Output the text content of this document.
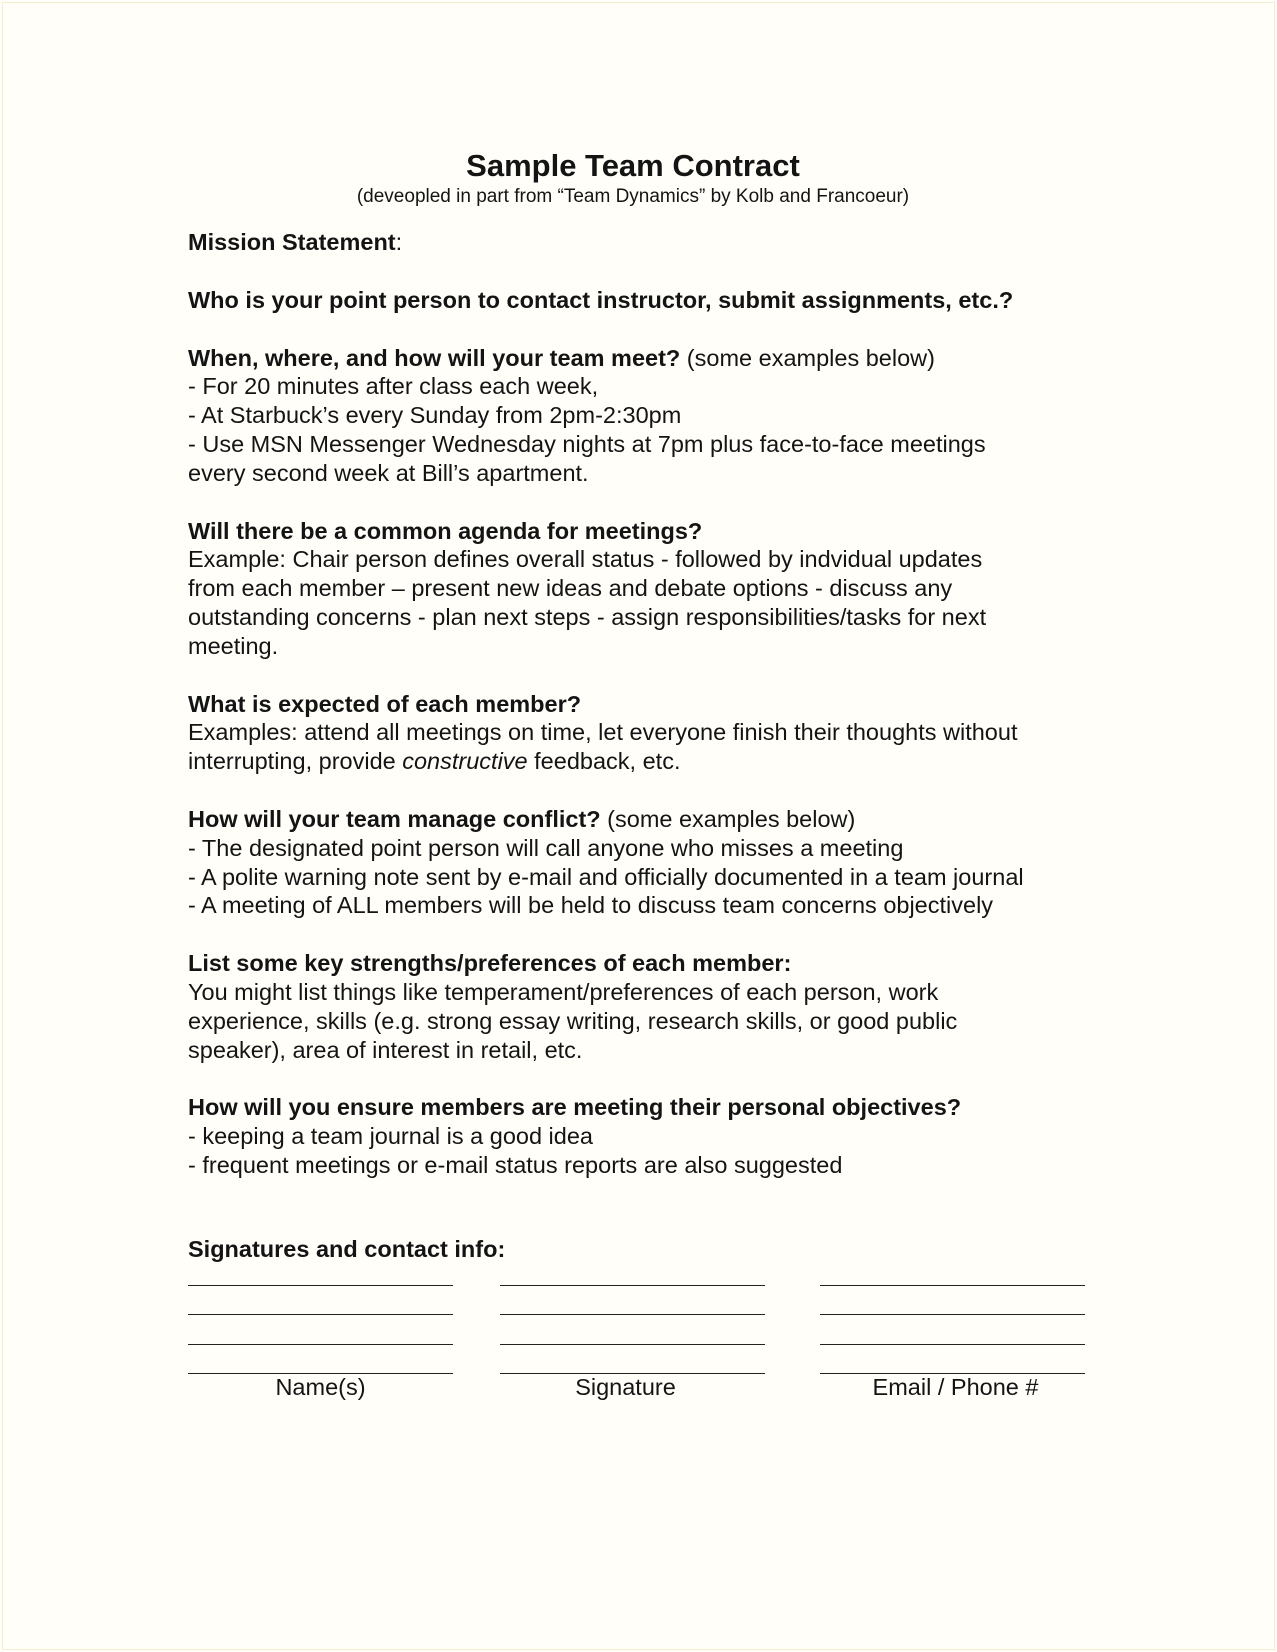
Sample Team Contract
(deveopled in part from “Team Dynamics” by Kolb and Francoeur)
Mission Statement:
Who is your point person to contact instructor, submit assignments, etc.?
When, where, and how will your team meet? (some examples below)
- For 20 minutes after class each week,
- At Starbuck’s every Sunday from 2pm-2:30pm
- Use MSN Messenger Wednesday nights at 7pm plus face-to-face meetings
every second week at Bill’s apartment.
Will there be a common agenda for meetings?
Example: Chair person defines overall status - followed by indvidual updates
from each member – present new ideas and debate options - discuss any
outstanding concerns - plan next steps - assign responsibilities/tasks for next
meeting.
What is expected of each member?
Examples: attend all meetings on time, let everyone finish their thoughts without
interrupting, provide constructive feedback, etc.
How will your team manage conflict? (some examples below)
- The designated point person will call anyone who misses a meeting
- A polite warning note sent by e-mail and officially documented in a team journal
- A meeting of ALL members will be held to discuss team concerns objectively
List some key strengths/preferences of each member:
You might list things like temperament/preferences of each person, work
experience, skills (e.g. strong essay writing, research skills, or good public
speaker), area of interest in retail, etc.
How will you ensure members are meeting their personal objectives?
- keeping a team journal is a good idea
- frequent meetings or e-mail status reports are also suggested
Signatures and contact info:
Name(s)	Signature	Email / Phone #
